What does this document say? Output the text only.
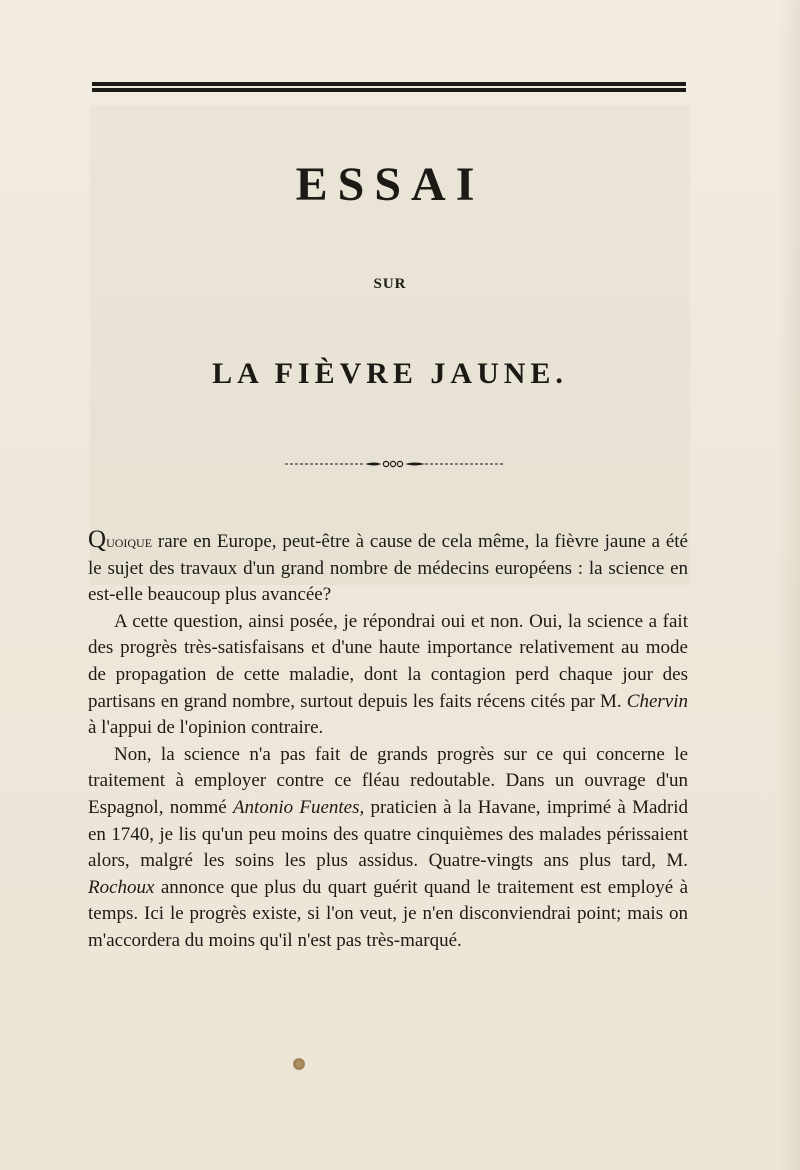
ESSAI
SUR
LA FIÈVRE JAUNE.

Quoique rare en Europe, peut-être à cause de cela même, la fièvre jaune a été le sujet des travaux d'un grand nombre de médecins européens : la science en est-elle beaucoup plus avancée?

A cette question, ainsi posée, je répondrai oui et non. Oui, la science a fait des progrès très-satisfaisans et d'une haute importance relativement au mode de propagation de cette maladie, dont la contagion perd chaque jour des partisans en grand nombre, surtout depuis les faits récens cités par M. Chervin à l'appui de l'opinion contraire.

Non, la science n'a pas fait de grands progrès sur ce qui concerne le traitement à employer contre ce fléau redoutable. Dans un ouvrage d'un Espagnol, nommé Antonio Fuentes, praticien à la Havane, imprimé à Madrid en 1740, je lis qu'un peu moins des quatre cinquièmes des malades périssaient alors, malgré les soins les plus assidus. Quatre-vingts ans plus tard, M. Rochoux annonce que plus du quart guérit quand le traitement est employé à temps. Ici le progrès existe, si l'on veut, je n'en disconviendrai point; mais on m'accordera du moins qu'il n'est pas très-marqué.
